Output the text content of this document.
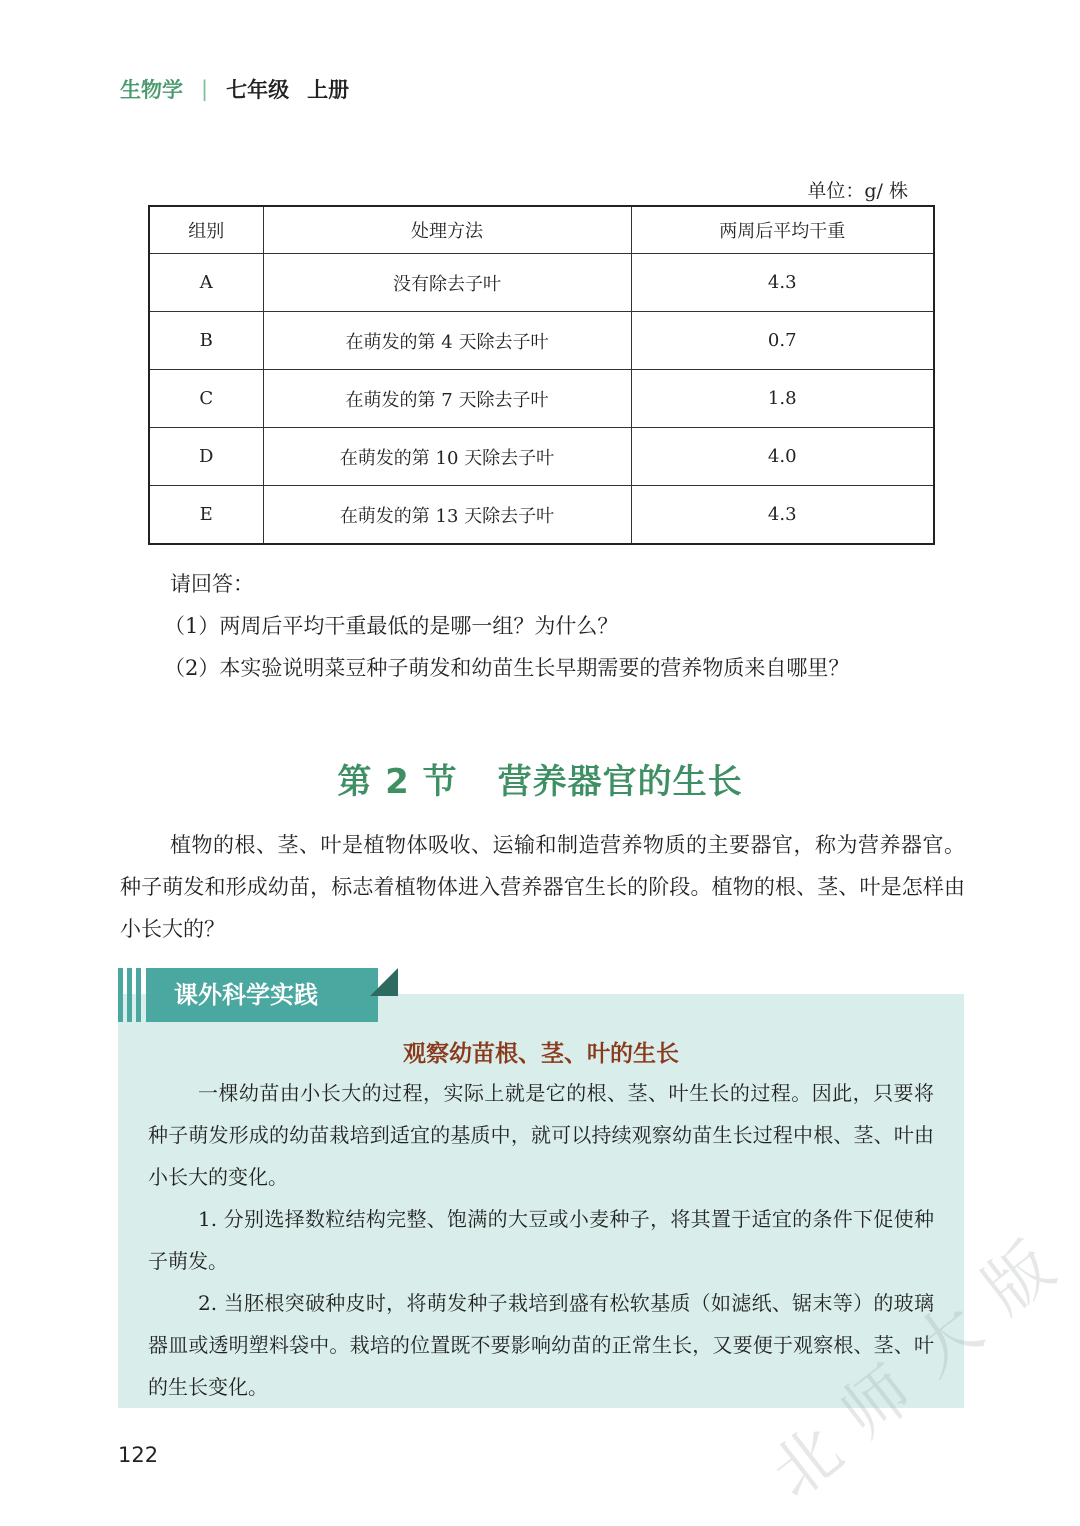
生物学 | 七年级 上册
单位：g/ 株
组别	处理方法	两周后平均干重
A	没有除去子叶	4.3
B	在萌发的第 4 天除去子叶	0.7
C	在萌发的第 7 天除去子叶	1.8
D	在萌发的第 10 天除去子叶	4.0
E	在萌发的第 13 天除去子叶	4.3
请回答：
（1）两周后平均干重最低的是哪一组？为什么？
（2）本实验说明菜豆种子萌发和幼苗生长早期需要的营养物质来自哪里？
第 2 节 营养器官的生长
植物的根、茎、叶是植物体吸收、运输和制造营养物质的主要器官，称为营养器官。种子萌发和形成幼苗，标志着植物体进入营养器官生长的阶段。植物的根、茎、叶是怎样由小长大的？
课外科学实践
观察幼苗根、茎、叶的生长

一棵幼苗由小长大的过程，实际上就是它的根、茎、叶生长的过程。因此，只要将种子萌发形成的幼苗栽培到适宜的基质中，就可以持续观察幼苗生长过程中根、茎、叶由小长大的变化。

1. 分别选择数粒结构完整、饱满的大豆或小麦种子，将其置于适宜的条件下促使种子萌发。

2. 当胚根突破种皮时，将萌发种子栽培到盛有松软基质（如滤纸、锯末等）的玻璃器皿或透明塑料袋中。栽培的位置既不要影响幼苗的正常生长，又要便于观察根、茎、叶的生长变化。

122	北
师
大
版
